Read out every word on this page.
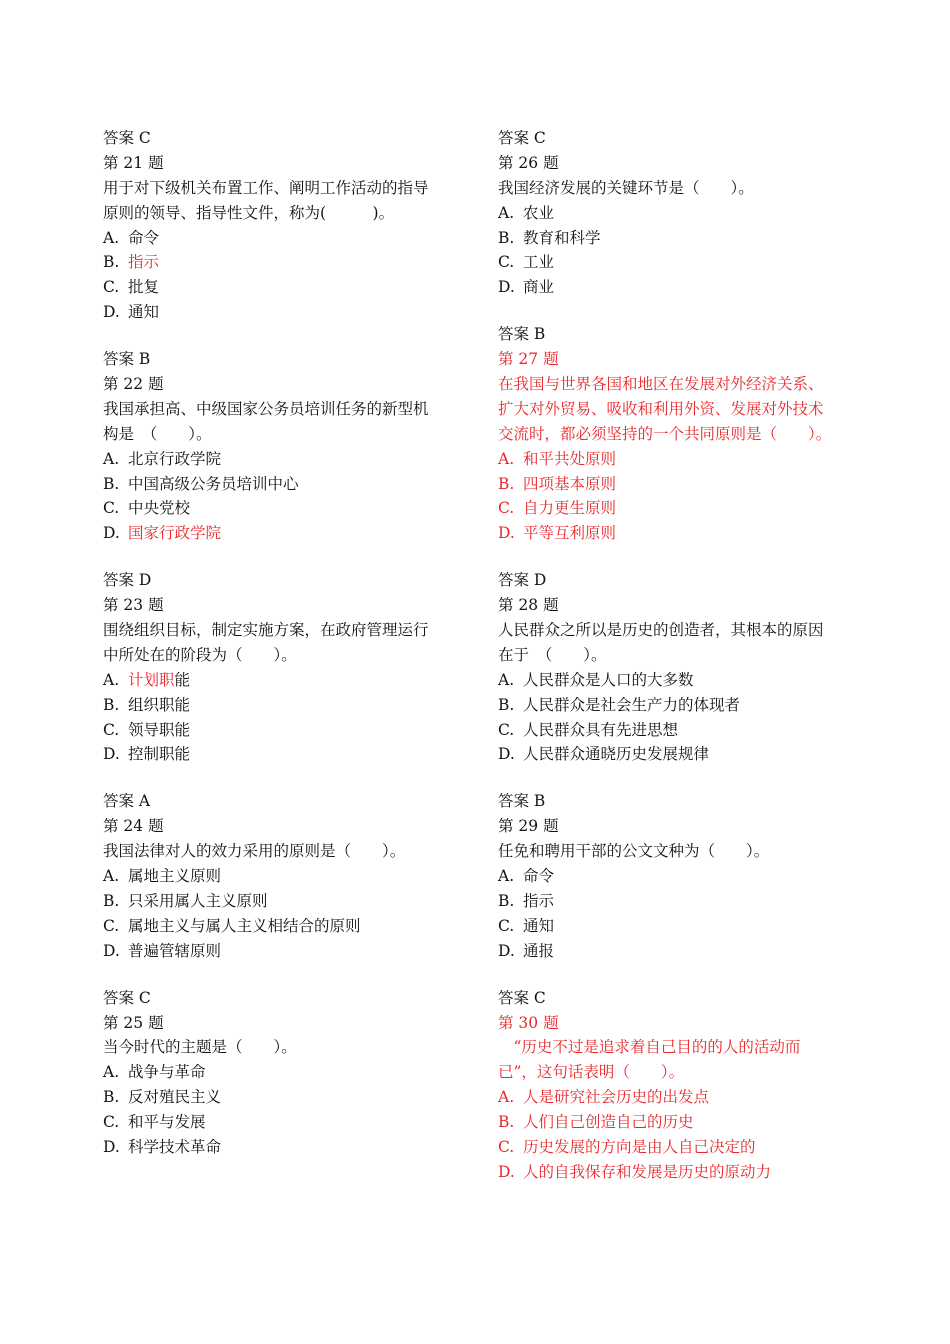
答案 C
第 21 题
用于对下级机关布置工作、阐明工作活动的指导
原则的领导、指导性文件，称为(　　　)。
A. 命令
B. 指示
C. 批复
D. 通知
答案 B
第 22 题
我国承担高、中级国家公务员培训任务的新型机
构是　（　　）。
A. 北京行政学院
B. 中国高级公务员培训中心
C. 中央党校
D. 国家行政学院
答案 D
第 23 题
围绕组织目标，制定实施方案，在政府管理运行
中所处在的阶段为（　　）。
A. 计划职能
B. 组织职能
C. 领导职能
D. 控制职能
答案 A
第 24 题
我国法律对人的效力采用的原则是（　　）。
A. 属地主义原则
B. 只采用属人主义原则
C. 属地主义与属人主义相结合的原则
D. 普遍管辖原则
答案 C
第 25 题
当今时代的主题是（　　）。
A. 战争与革命
B. 反对殖民主义
C. 和平与发展
D. 科学技术革命
答案 C
第 26 题
我国经济发展的关键环节是（　　）。
A. 农业
B. 教育和科学
C. 工业
D. 商业
答案 B
第 27 题
在我国与世界各国和地区在发展对外经济关系、
扩大对外贸易、吸收和利用外资、发展对外技术
交流时，都必须坚持的一个共同原则是（　　）。
A. 和平共处原则
B. 四项基本原则
C. 自力更生原则
D. 平等互利原则
答案 D
第 28 题
人民群众之所以是历史的创造者，其根本的原因
在于　（　　）。
A. 人民群众是人口的大多数
B. 人民群众是社会生产力的体现者
C. 人民群众具有先进思想
D. 人民群众通晓历史发展规律
答案 B
第 29 题
任免和聘用干部的公文文种为（　　）。
A. 命令
B. 指示
C. 通知
D. 通报
答案 C
第 30 题
　“历史不过是追求着自己目的的人的活动而
已”，这句话表明（　　）。
A. 人是研究社会历史的出发点
B. 人们自己创造自己的历史
C. 历史发展的方向是由人自己决定的
D. 人的自我保存和发展是历史的原动力
